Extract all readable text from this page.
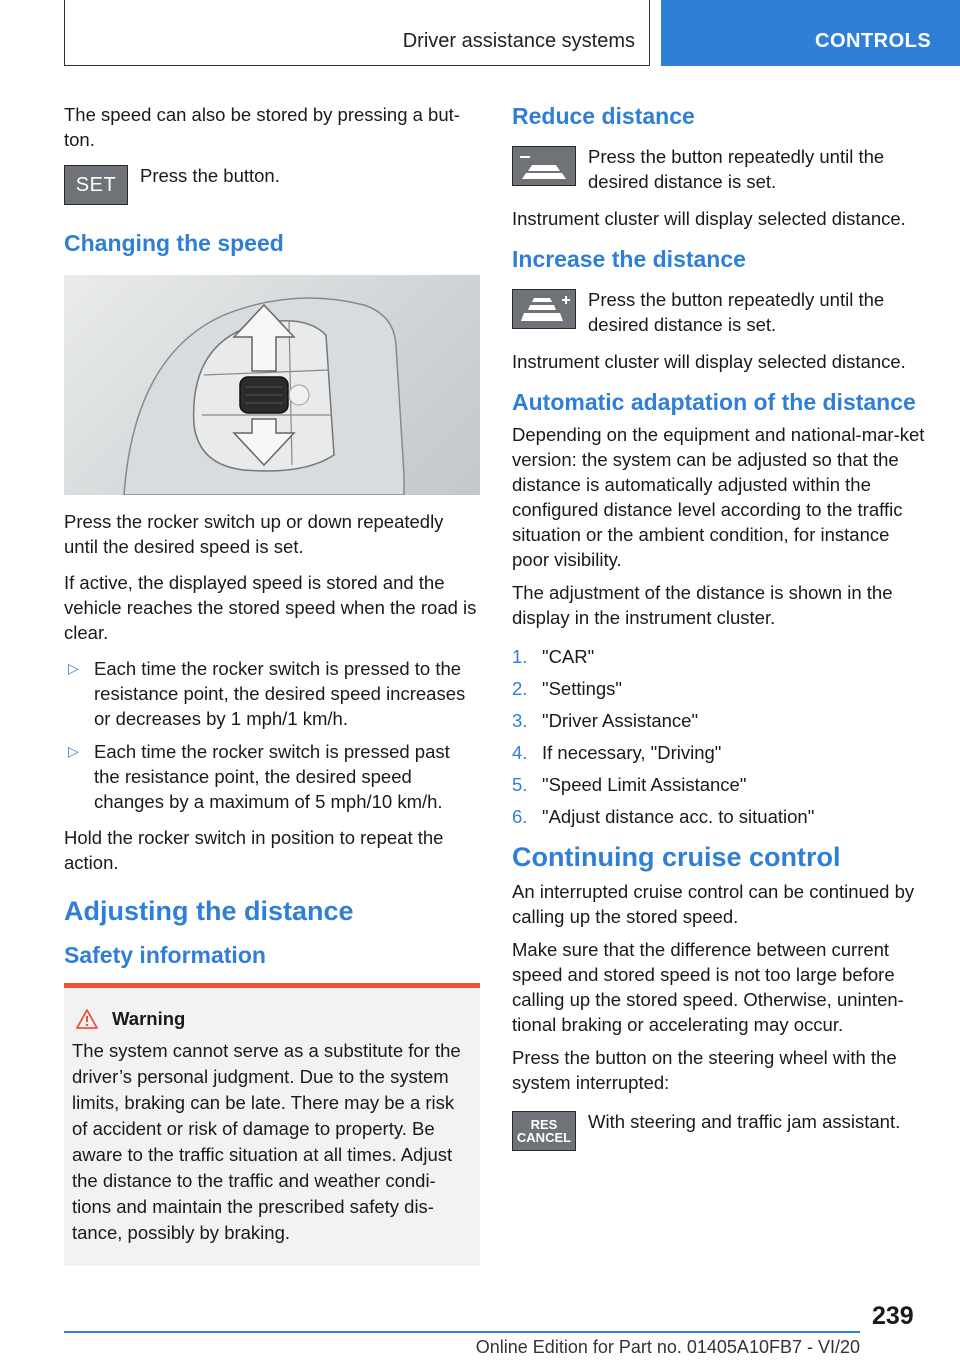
Driver assistance systems	CONTROLS

The speed can also be stored by pressing a but-ton.

SET Press the button.
Changing the speed

Press the rocker switch up or down repeatedly until the desired speed is set.

If active, the displayed speed is stored and the vehicle reaches the stored speed when the road is clear.

▷ Each time the rocker switch is pressed to the resistance point, the desired speed increases or decreases by 1 mph/1 km/h.
▷ Each time the rocker switch is pressed past the resistance point, the desired speed changes by a maximum of 5 mph/10 km/h.

Hold the rocker switch in position to repeat the action.

Adjusting the distance
Safety information
Warning

The system cannot serve as a substitute for the driver’s personal judgment. Due to the system limits, braking can be late. There may be a risk of accident or risk of damage to property. Be aware to the traffic situation at all times. Adjust the distance to the traffic and weather condi-tions and maintain the prescribed safety dis-tance, possibly by braking.

Reduce distance
Press the button repeatedly until the desired distance is set.

Instrument cluster will display selected distance.

Increase the distance
Press the button repeatedly until the desired distance is set.

Instrument cluster will display selected distance.

Automatic adaptation of the distance

Depending on the equipment and national-mar-ket version: the system can be adjusted so that the distance is automatically adjusted within the configured distance level according to the traffic situation or the ambient condition, for instance poor visibility.

The adjustment of the distance is shown in the display in the instrument cluster.

1. "CAR"
2. "Settings"
3. "Driver Assistance"
4. If necessary, "Driving"
5. "Speed Limit Assistance"
6. "Adjust distance acc. to situation"
Continuing cruise control

An interrupted cruise control can be continued by calling up the stored speed.

Make sure that the difference between current speed and stored speed is not too large before calling up the stored speed. Otherwise, uninten-tional braking or accelerating may occur.

Press the button on the steering wheel with the system interrupted:

RES
CANCEL
With steering and traffic jam assistant.
239
Online Edition for Part no. 01405A10FB7 - VI/20
